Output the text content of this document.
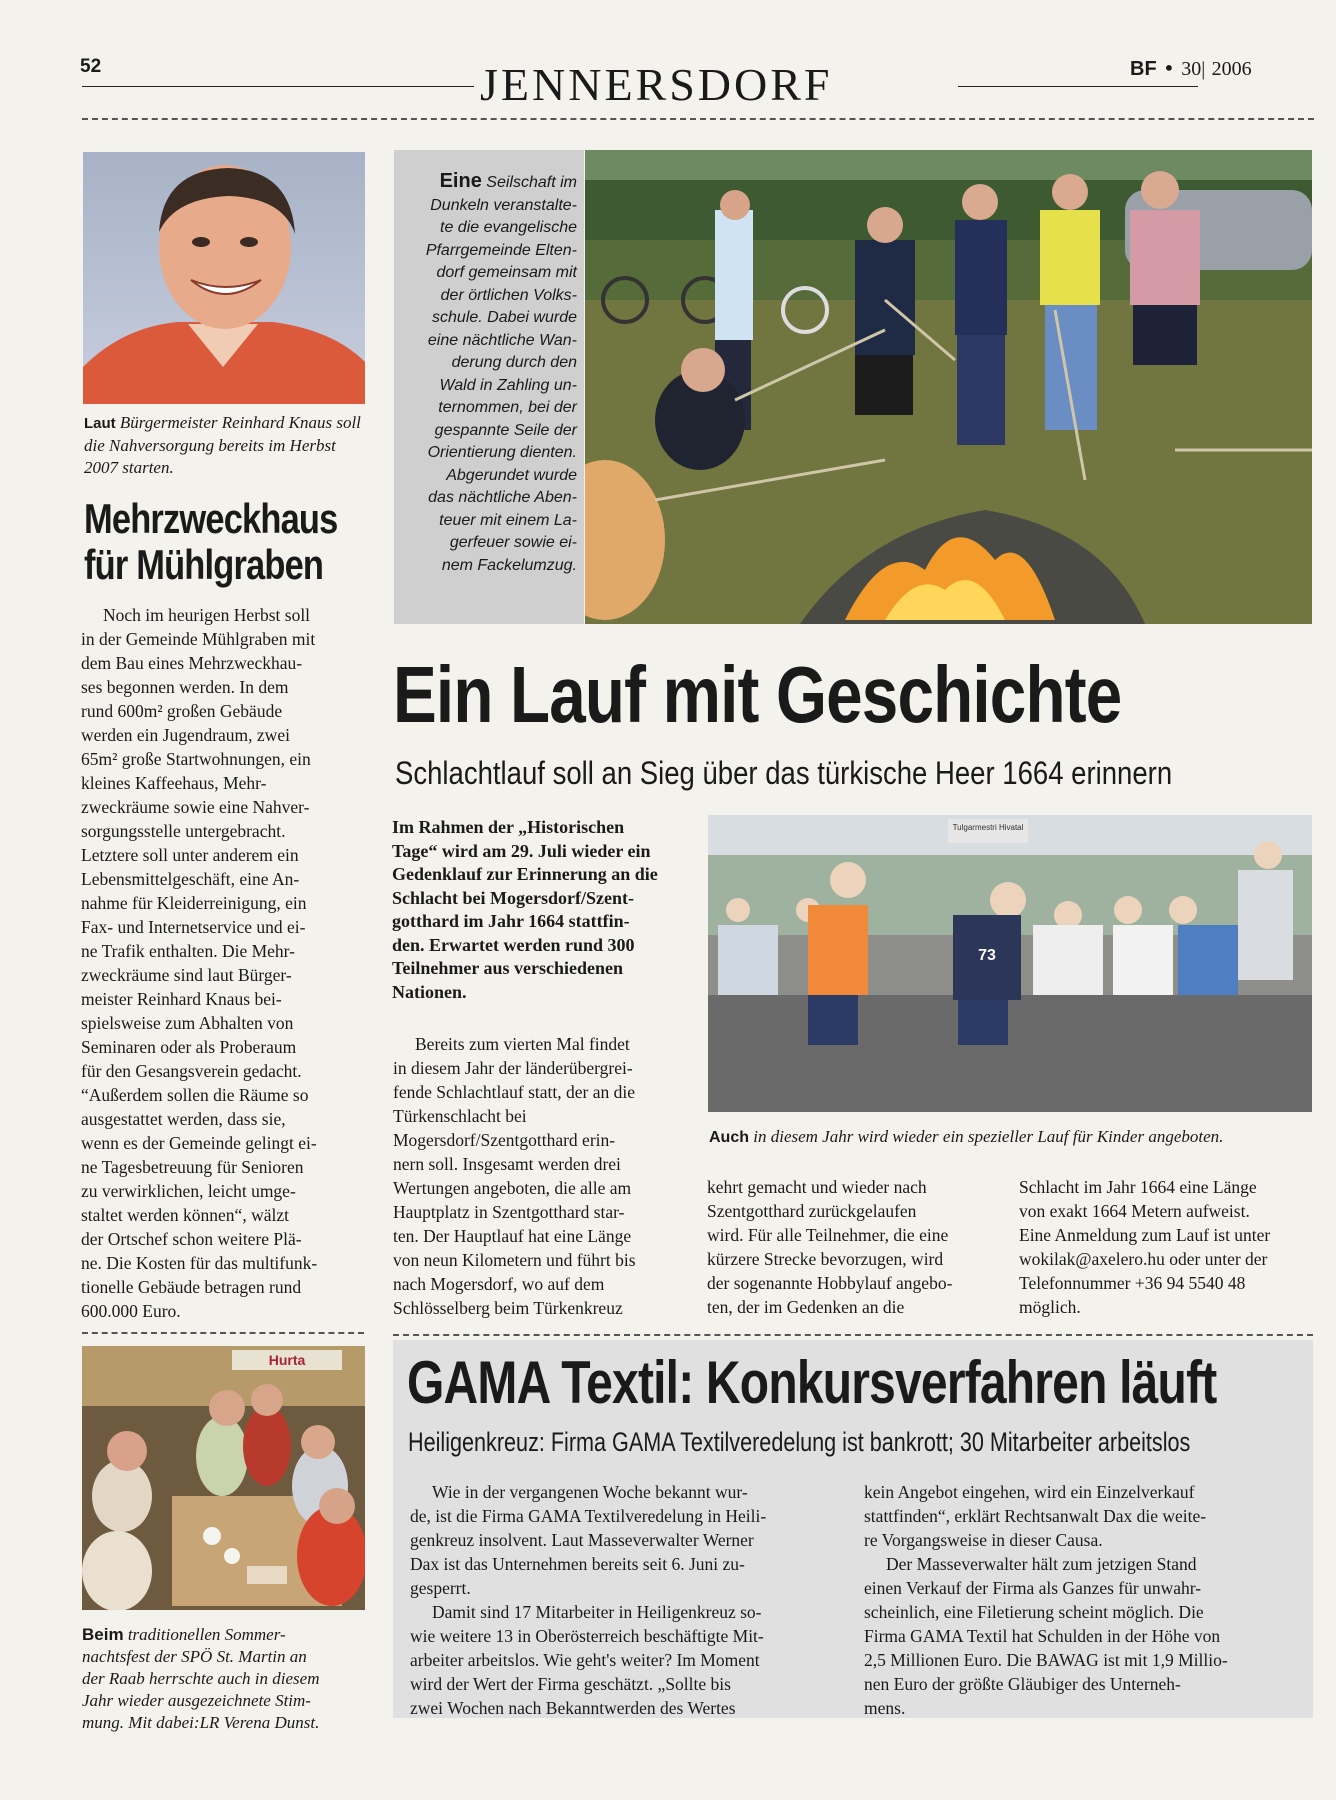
52	JENNERSDORF	BF • 30| 2006
Laut Bürgermeister Reinhard Knaus soll die Nahversorgung bereits im Herbst 2007 starten.
Mehrzweckhaus
für Mühlgraben
Noch im heurigen Herbst soll
in der Gemeinde Mühlgraben mit
dem Bau eines Mehrzweckhau-
ses begonnen werden. In dem
rund 600m² großen Gebäude
werden ein Jugendraum, zwei
65m² große Startwohnungen, ein
kleines Kaffeehaus, Mehr-
zweckräume sowie eine Nahver-
sorgungsstelle untergebracht.
Letztere soll unter anderem ein
Lebensmittelgeschäft, eine An-
nahme für Kleiderreinigung, ein
Fax- und Internetservice und ei-
ne Trafik enthalten. Die Mehr-
zweckräume sind laut Bürger-
meister Reinhard Knaus bei-
spielsweise zum Abhalten von
Seminaren oder als Proberaum
für den Gesangsverein gedacht.
“Außerdem sollen die Räume so
ausgestattet werden, dass sie,
wenn es der Gemeinde gelingt ei-
ne Tagesbetreuung für Senioren
zu verwirklichen, leicht umge-
staltet werden können“, wälzt
der Ortschef schon weitere Plä-
ne. Die Kosten für das multifunk-
tionelle Gebäude betragen rund
600.000 Euro.
Hurta
Beim traditionellen Sommer-
nachtsfest der SPÖ St. Martin an
der Raab herrschte auch in diesem
Jahr wieder ausgezeichnete Stim-
mung. Mit dabei:LR Verena Dunst.
Eine Seilschaft im
Dunkeln veranstalte-
te die evangelische
Pfarrgemeinde Elten-
dorf gemeinsam mit
der örtlichen Volks-
schule. Dabei wurde
eine nächtliche Wan-
derung durch den
Wald in Zahling un-
ternommen, bei der
gespannte Seile der
Orientierung dienten.
Abgerundet wurde
das nächtliche Aben-
teuer mit einem La-
gerfeuer sowie ei-
nem Fackelumzug.
Ein Lauf mit Geschichte
Schlachtlauf soll an Sieg über das türkische Heer 1664 erinnern
Im Rahmen der „Historischen
Tage“ wird am 29. Juli wieder ein
Gedenklauf zur Erinnerung an die
Schlacht bei Mogersdorf/Szent-
gotthard im Jahr 1664 stattfin-
den. Erwartet werden rund 300
Teilnehmer aus verschiedenen
Nationen.
Bereits zum vierten Mal findet
in diesem Jahr der länderübergrei-
fende Schlachtlauf statt, der an die
Türkenschlacht bei
Mogersdorf/Szentgotthard erin-
nern soll. Insgesamt werden drei
Wertungen angeboten, die alle am
Hauptplatz in Szentgotthard star-
ten. Der Hauptlauf hat eine Länge
von neun Kilometern und führt bis
nach Mogersdorf, wo auf dem
Schlösselberg beim Türkenkreuz
Tulgarmestri Hivatal
73
Auch in diesem Jahr wird wieder ein spezieller Lauf für Kinder angeboten.
kehrt gemacht und wieder nach
Szentgotthard zurückgelaufen
wird. Für alle Teilnehmer, die eine
kürzere Strecke bevorzugen, wird
der sogenannte Hobbylauf angebo-
ten, der im Gedenken an die
Schlacht im Jahr 1664 eine Länge
von exakt 1664 Metern aufweist.
Eine Anmeldung zum Lauf ist unter
wokilak@axelero.hu oder unter der
Telefonnummer +36 94 5540 48
möglich.
GAMA Textil: Konkursverfahren läuft
Heiligenkreuz: Firma GAMA Textilveredelung ist bankrott; 30 Mitarbeiter arbeitslos
Wie in der vergangenen Woche bekannt wur-
de, ist die Firma GAMA Textilveredelung in Heili-
genkreuz insolvent. Laut Masseverwalter Werner
Dax ist das Unternehmen bereits seit 6. Juni zu-
gesperrt.
Damit sind 17 Mitarbeiter in Heiligenkreuz so-
wie weitere 13 in Oberösterreich beschäftigte Mit-
arbeiter arbeitslos. Wie geht's weiter? Im Moment
wird der Wert der Firma geschätzt. „Sollte bis
zwei Wochen nach Bekanntwerden des Wertes
kein Angebot eingehen, wird ein Einzelverkauf
stattfinden“, erklärt Rechtsanwalt Dax die weite-
re Vorgangsweise in dieser Causa.
Der Masseverwalter hält zum jetzigen Stand
einen Verkauf der Firma als Ganzes für unwahr-
scheinlich, eine Filetierung scheint möglich. Die
Firma GAMA Textil hat Schulden in der Höhe von
2,5 Millionen Euro. Die BAWAG ist mit 1,9 Millio-
nen Euro der größte Gläubiger des Unterneh-
mens.
